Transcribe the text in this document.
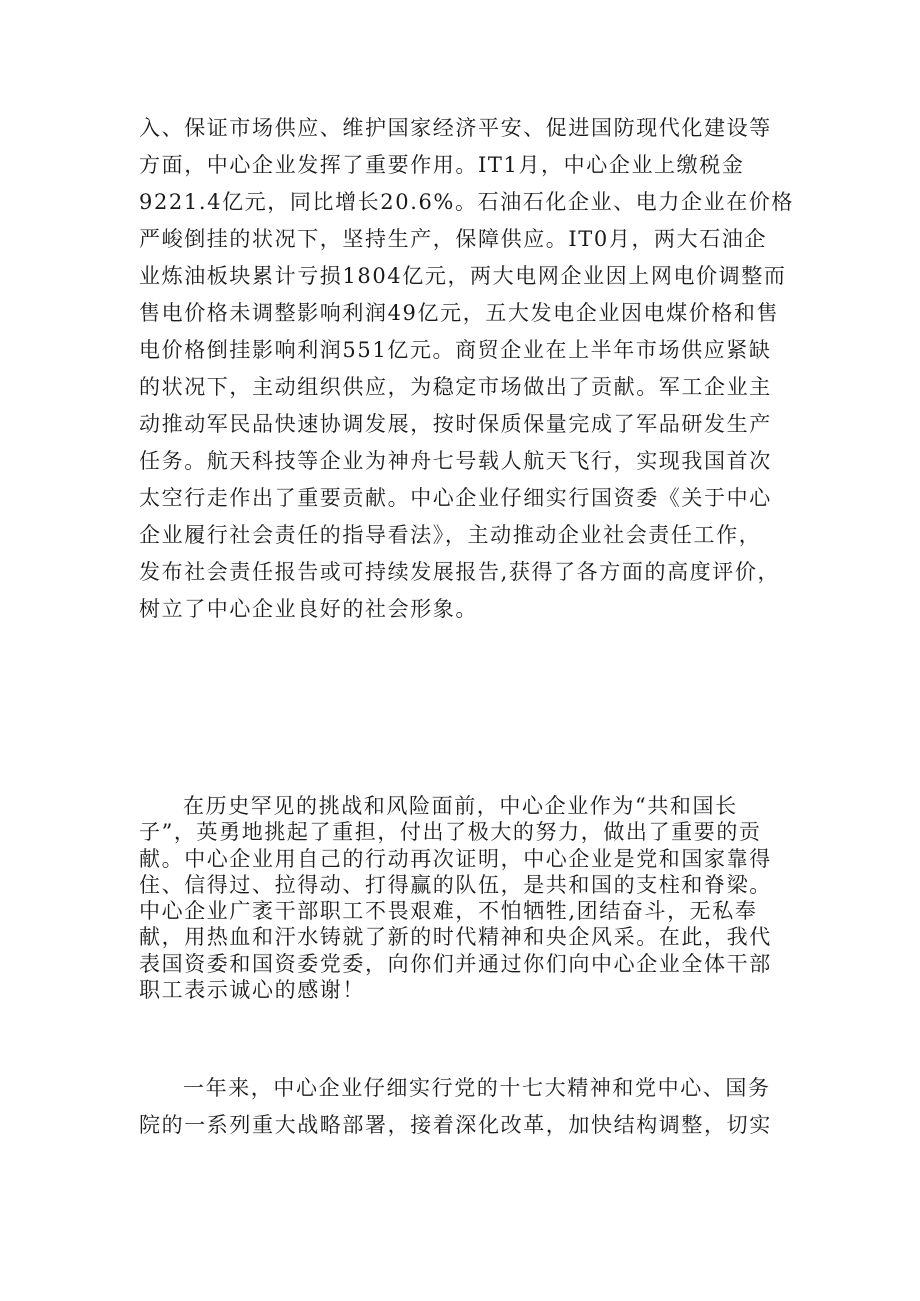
入、保证市场供应、维护国家经济平安、促进国防现代化建设等
方面，中心企业发挥了重要作用。IT1月，中心企业上缴税金
9221.4亿元，同比增长20.6%。石油石化企业、电力企业在价格
严峻倒挂的状况下，坚持生产，保障供应。IT0月，两大石油企
业炼油板块累计亏损1804亿元，两大电网企业因上网电价调整而
售电价格未调整影响利润49亿元，五大发电企业因电煤价格和售
电价格倒挂影响利润551亿元。商贸企业在上半年市场供应紧缺
的状况下，主动组织供应，为稳定市场做出了贡献。军工企业主
动推动军民品快速协调发展，按时保质保量完成了军品研发生产
任务。航天科技等企业为神舟七号载人航天飞行，实现我国首次
太空行走作出了重要贡献。中心企业仔细实行国资委《关于中心
企业履行社会责任的指导看法》，主动推动企业社会责任工作，
发布社会责任报告或可持续发展报告,获得了各方面的高度评价，
树立了中心企业良好的社会形象。
在历史罕见的挑战和风险面前，中心企业作为“共和国长
子”，英勇地挑起了重担，付出了极大的努力，做出了重要的贡
献。中心企业用自己的行动再次证明，中心企业是党和国家靠得
住、信得过、拉得动、打得赢的队伍，是共和国的支柱和脊梁。
中心企业广袤干部职工不畏艰难，不怕牺牲,团结奋斗，无私奉
献，用热血和汗水铸就了新的时代精神和央企风采。在此，我代
表国资委和国资委党委，向你们并通过你们向中心企业全体干部
职工表示诚心的感谢！
一年来，中心企业仔细实行党的十七大精神和党中心、国务
院的一系列重大战略部署，接着深化改革，加快结构调整，切实
